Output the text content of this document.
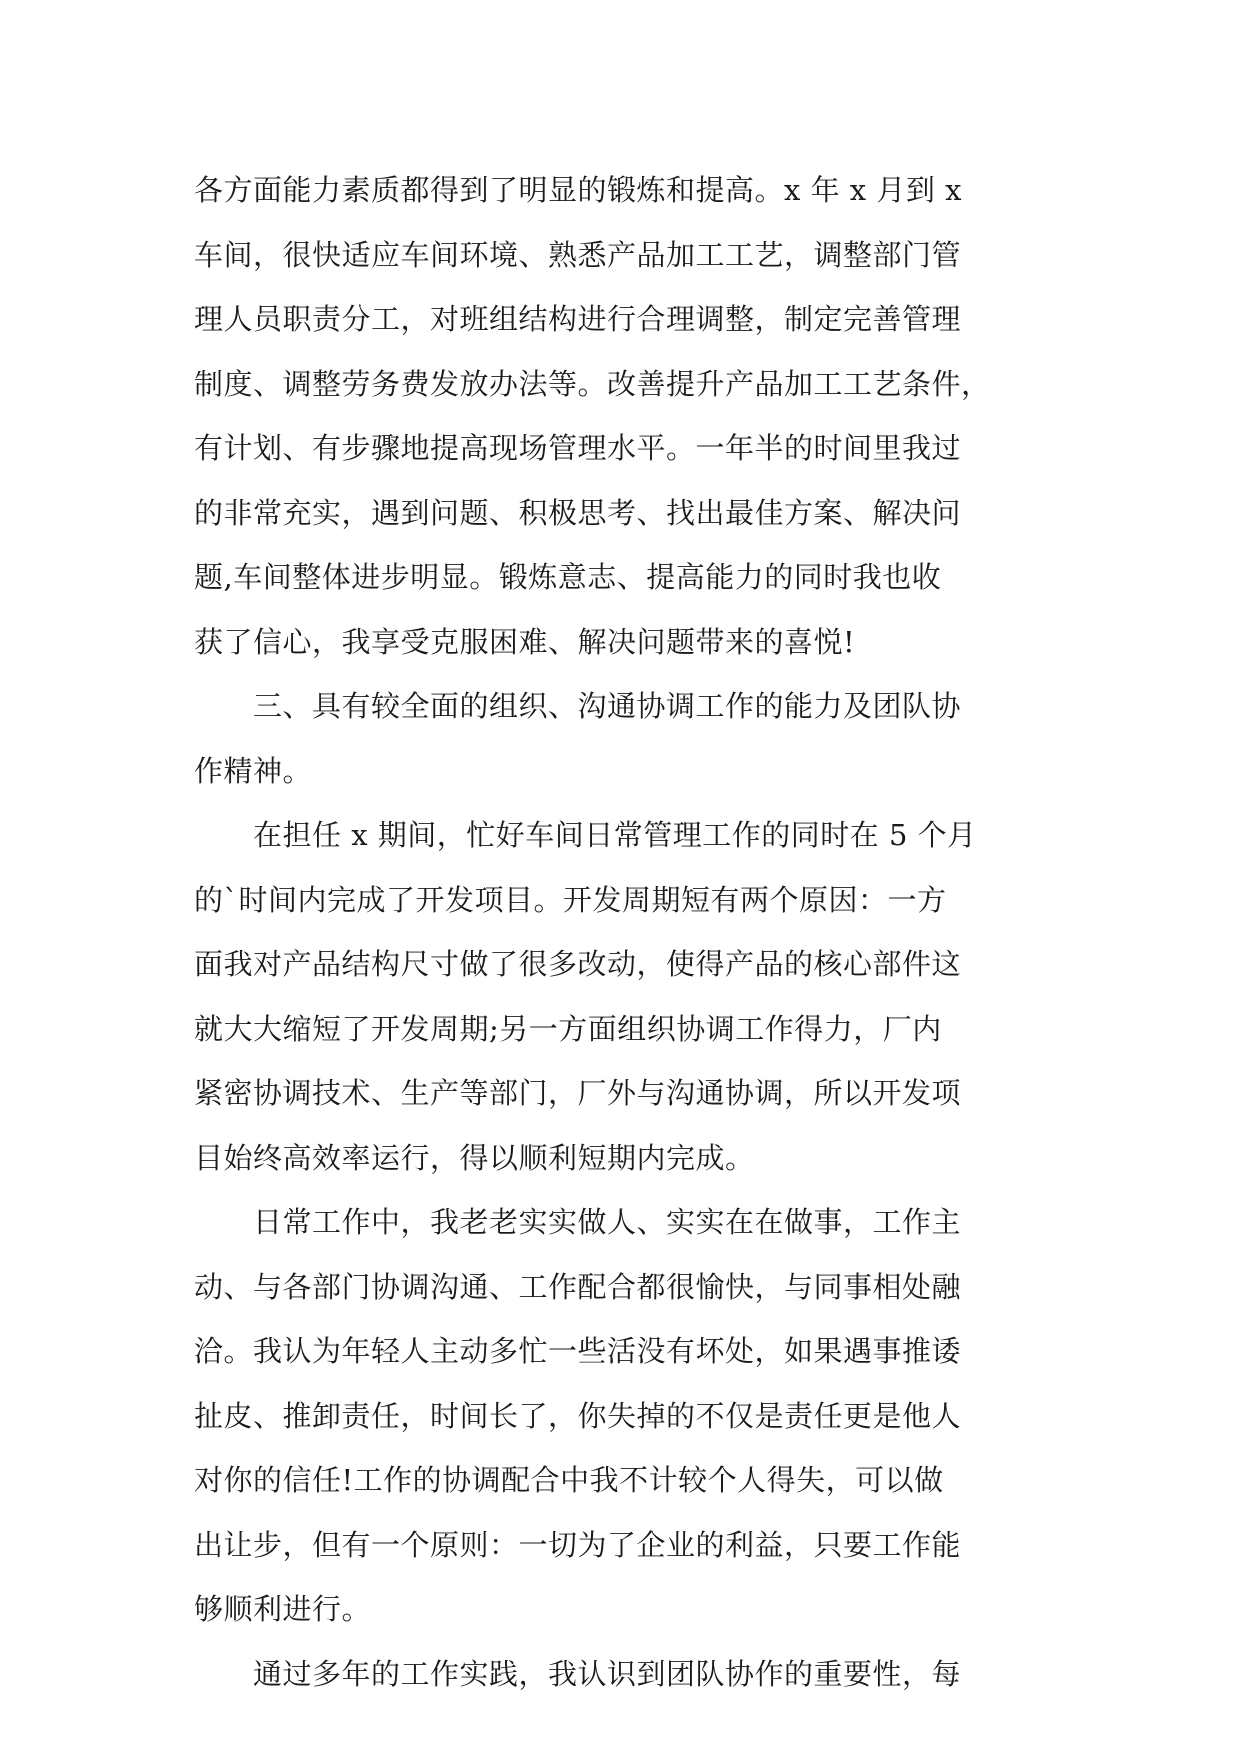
各方面能力素质都得到了明显的锻炼和提高。x 年 x 月到 x
车间，很快适应车间环境、熟悉产品加工工艺，调整部门管
理人员职责分工，对班组结构进行合理调整，制定完善管理
制度、调整劳务费发放办法等。改善提升产品加工工艺条件，
有计划、有步骤地提高现场管理水平。一年半的时间里我过
的非常充实，遇到问题、积极思考、找出最佳方案、解决问
题,车间整体进步明显。锻炼意志、提高能力的同时我也收
获了信心，我享受克服困难、解决问题带来的喜悦!
　　三、具有较全面的组织、沟通协调工作的能力及团队协
作精神。
　　在担任 x 期间，忙好车间日常管理工作的同时在 5 个月
的`时间内完成了开发项目。开发周期短有两个原因：一方
面我对产品结构尺寸做了很多改动，使得产品的核心部件这
就大大缩短了开发周期;另一方面组织协调工作得力，厂内
紧密协调技术、生产等部门，厂外与沟通协调，所以开发项
目始终高效率运行，得以顺利短期内完成。
　　日常工作中，我老老实实做人、实实在在做事，工作主
动、与各部门协调沟通、工作配合都很愉快，与同事相处融
洽。我认为年轻人主动多忙一些活没有坏处，如果遇事推诿
扯皮、推卸责任，时间长了，你失掉的不仅是责任更是他人
对你的信任!工作的协调配合中我不计较个人得失，可以做
出让步，但有一个原则：一切为了企业的利益，只要工作能
够顺利进行。
　　通过多年的工作实践，我认识到团队协作的重要性，每
